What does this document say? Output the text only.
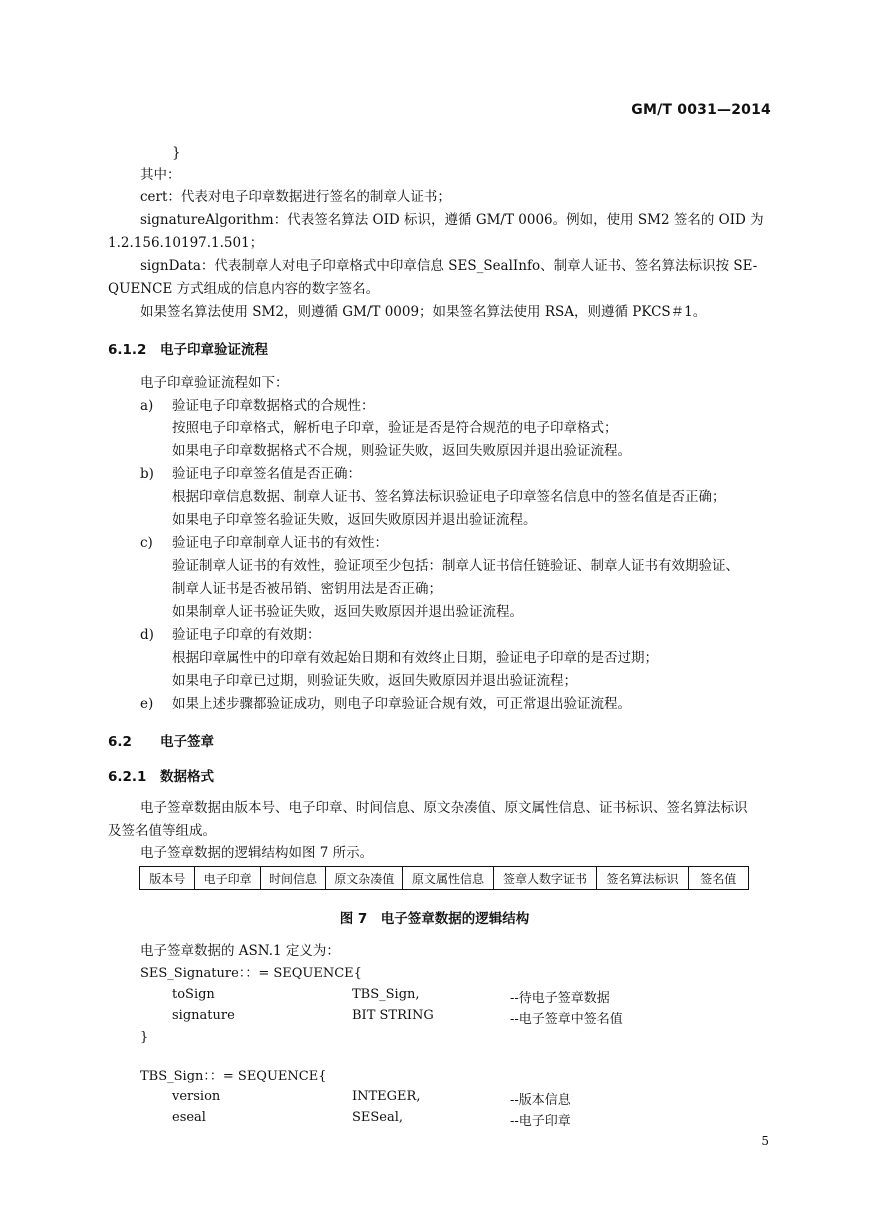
GM/T 0031—2014
}
其中：
cert：代表对电子印章数据进行签名的制章人证书；
signatureAlgorithm：代表签名算法 OID 标识，遵循 GM/T 0006。例如，使用 SM2 签名的 OID 为
1.2.156.10197.1.501；
signData：代表制章人对电子印章格式中印章信息 SES_SealInfo、制章人证书、签名算法标识按 SE-
QUENCE 方式组成的信息内容的数字签名。
如果签名算法使用 SM2，则遵循 GM/T 0009；如果签名算法使用 RSA，则遵循 PKCS＃1。
6.1.2 电子印章验证流程
电子印章验证流程如下：
a) 验证电子印章数据格式的合规性：
按照电子印章格式，解析电子印章，验证是否是符合规范的电子印章格式；
如果电子印章数据格式不合规，则验证失败，返回失败原因并退出验证流程。
b) 验证电子印章签名值是否正确：
根据印章信息数据、制章人证书、签名算法标识验证电子印章签名信息中的签名值是否正确；
如果电子印章签名验证失败，返回失败原因并退出验证流程。
c) 验证电子印章制章人证书的有效性：
验证制章人证书的有效性，验证项至少包括：制章人证书信任链验证、制章人证书有效期验证、
制章人证书是否被吊销、密钥用法是否正确；
如果制章人证书验证失败，返回失败原因并退出验证流程。
d) 验证电子印章的有效期：
根据印章属性中的印章有效起始日期和有效终止日期，验证电子印章的是否过期；
如果电子印章已过期，则验证失败，返回失败原因并退出验证流程；
e) 如果上述步骤都验证成功，则电子印章验证合规有效，可正常退出验证流程。
6.2 电子签章
6.2.1 数据格式
电子签章数据由版本号、电子印章、时间信息、原文杂凑值、原文属性信息、证书标识、签名算法标识
及签名值等组成。
电子签章数据的逻辑结构如图 7 所示。
版本号	电子印章	时间信息	原文杂凑值	原文属性信息	签章人数字证书	签名算法标识	签名值
图 7　电子签章数据的逻辑结构
电子签章数据的 ASN.1 定义为：
SES_Signature：：= SEQUENCE{
toSign	TBS_Sign,	--待电子签章数据
signature	BIT STRING	--电子签章中签名值
}
TBS_Sign：：= SEQUENCE{
version	INTEGER,	--版本信息
eseal	SESeal,	--电子印章
5
